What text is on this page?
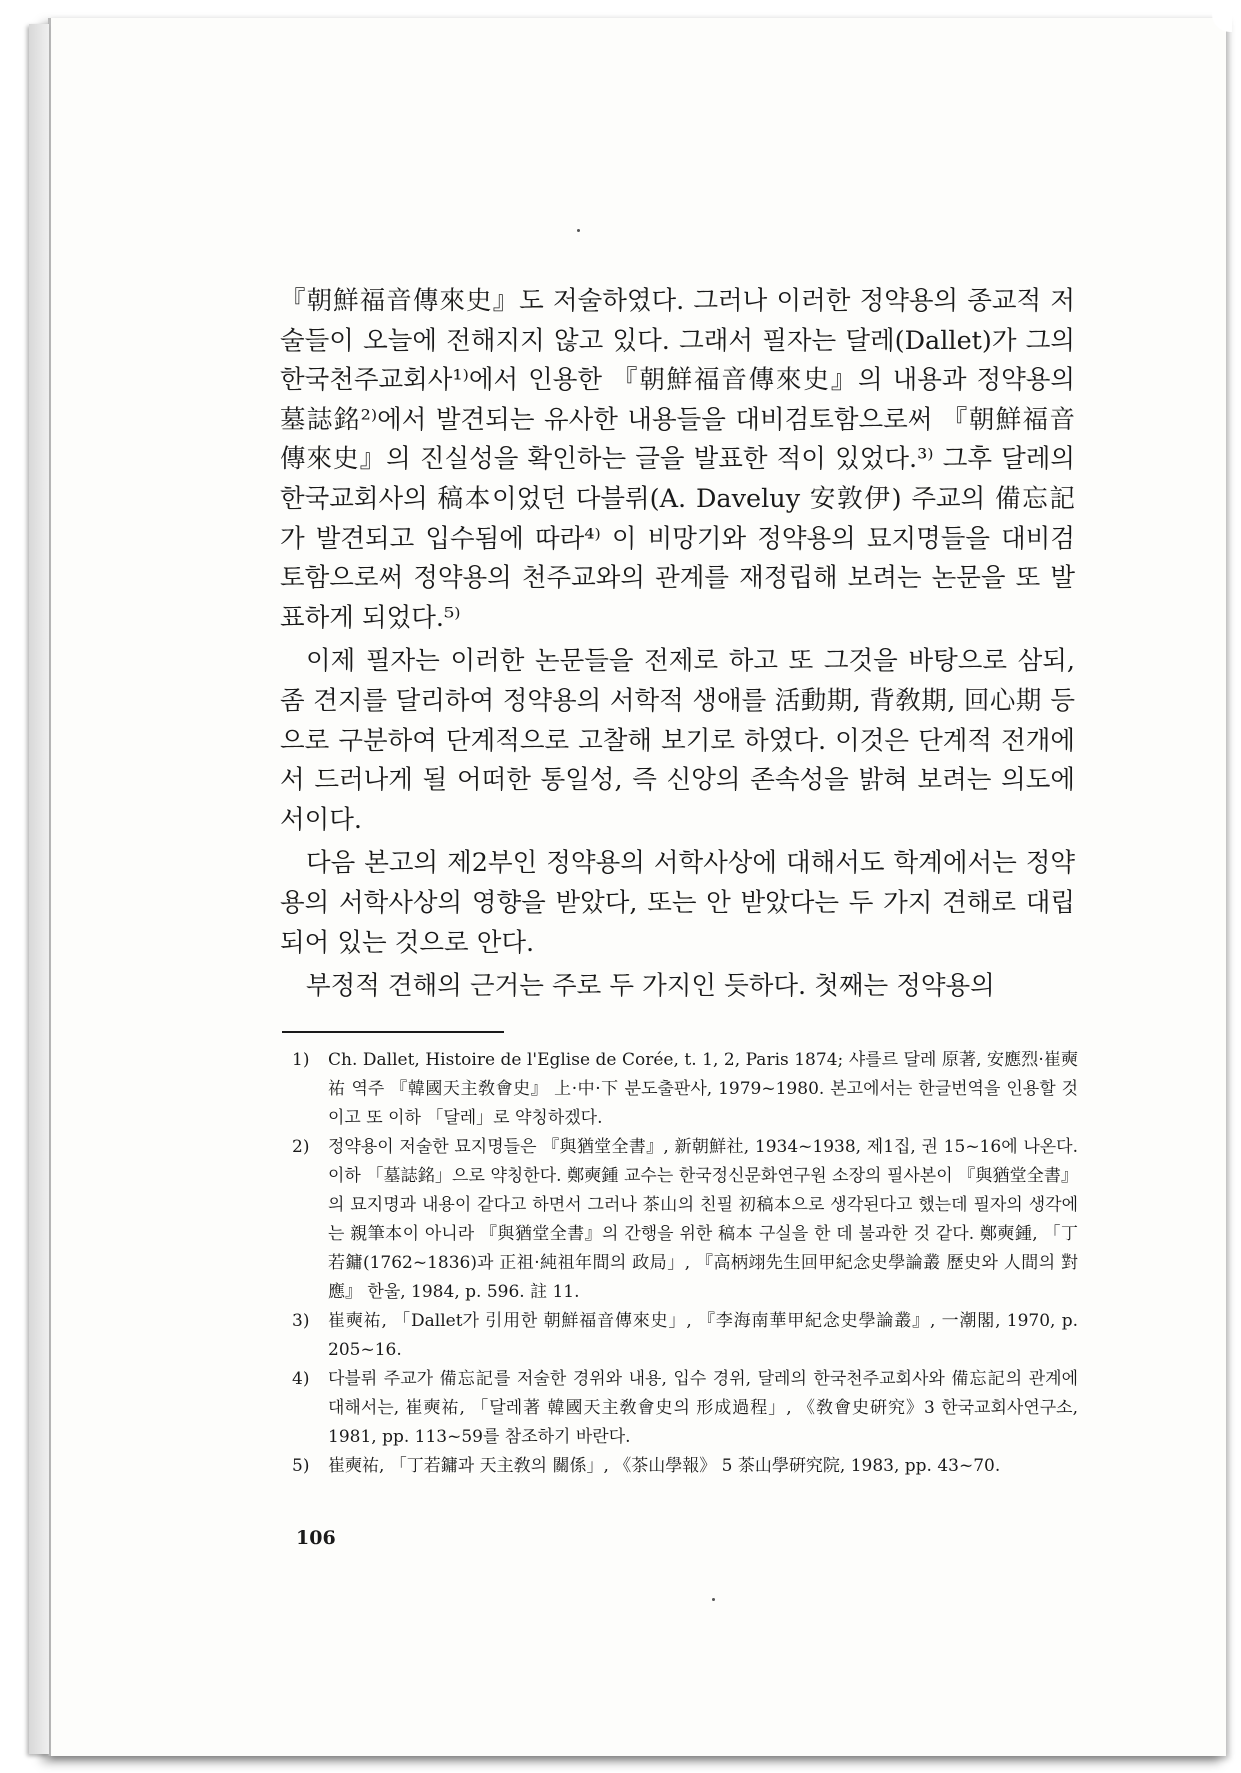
『朝鮮福音傳來史』도 저술하였다. 그러나 이러한 정약용의 종교적 저술들이 오늘에 전해지지 않고 있다. 그래서 필자는 달레(Dallet)가 그의 한국천주교회사¹⁾에서 인용한 『朝鮮福音傳來史』의 내용과 정약용의 墓誌銘²⁾에서 발견되는 유사한 내용들을 대비검토함으로써 『朝鮮福音傳來史』의 진실성을 확인하는 글을 발표한 적이 있었다.³⁾ 그후 달레의 한국교회사의 稿本이었던 다블뤼(A. Daveluy 安敦伊) 주교의 備忘記가 발견되고 입수됨에 따라⁴⁾ 이 비망기와 정약용의 묘지명들을 대비검토함으로써 정약용의 천주교와의 관계를 재정립해 보려는 논문을 또 발표하게 되었다.⁵⁾

이제 필자는 이러한 논문들을 전제로 하고 또 그것을 바탕으로 삼되, 좀 견지를 달리하여 정약용의 서학적 생애를 活動期, 背敎期, 回心期 등으로 구분하여 단계적으로 고찰해 보기로 하였다. 이것은 단계적 전개에서 드러나게 될 어떠한 통일성, 즉 신앙의 존속성을 밝혀 보려는 의도에서이다.

다음 본고의 제2부인 정약용의 서학사상에 대해서도 학계에서는 정약용의 서학사상의 영향을 받았다, 또는 안 받았다는 두 가지 견해로 대립되어 있는 것으로 안다.

부정적 견해의 근거는 주로 두 가지인 듯하다. 첫째는 정약용의

1) Ch. Dallet, Histoire de l'Eglise de Corée, t. 1, 2, Paris 1874; 샤를르 달레 原著, 安應烈·崔奭祐 역주 『韓國天主敎會史』 上·中·下 분도출판사, 1979~1980. 본고에서는 한글번역을 인용할 것이고 또 이하 「달레」로 약칭하겠다.
2) 정약용이 저술한 묘지명들은 『與猶堂全書』, 新朝鮮社, 1934~1938, 제1집, 권 15~16에 나온다. 이하 「墓誌銘」으로 약칭한다. 鄭奭鍾 교수는 한국정신문화연구원 소장의 필사본이 『與猶堂全書』의 묘지명과 내용이 같다고 하면서 그러나 茶山의 친필 初稿本으로 생각된다고 했는데 필자의 생각에는 親筆本이 아니라 『與猶堂全書』의 간행을 위한 稿本 구실을 한 데 불과한 것 같다. 鄭奭鍾, 「丁若鏞(1762~1836)과 正祖·純祖年間의 政局」, 『高柄翊先生回甲紀念史學論叢 歷史와 人間의 對應』 한울, 1984, p. 596. 註 11.
3) 崔奭祐, 「Dallet가 引用한 朝鮮福音傳來史」, 『李海南華甲紀念史學論叢』, 一潮閣, 1970, p. 205~16.
4) 다블뤼 주교가 備忘記를 저술한 경위와 내용, 입수 경위, 달레의 한국천주교회사와 備忘記의 관계에 대해서는, 崔奭祐, 「달레著 韓國天主敎會史의 形成過程」, 《敎會史硏究》3 한국교회사연구소, 1981, pp. 113~59를 참조하기 바란다.
5) 崔奭祐, 「丁若鏞과 天主敎의 關係」, 《茶山學報》 5 茶山學硏究院, 1983, pp. 43~70.
106
